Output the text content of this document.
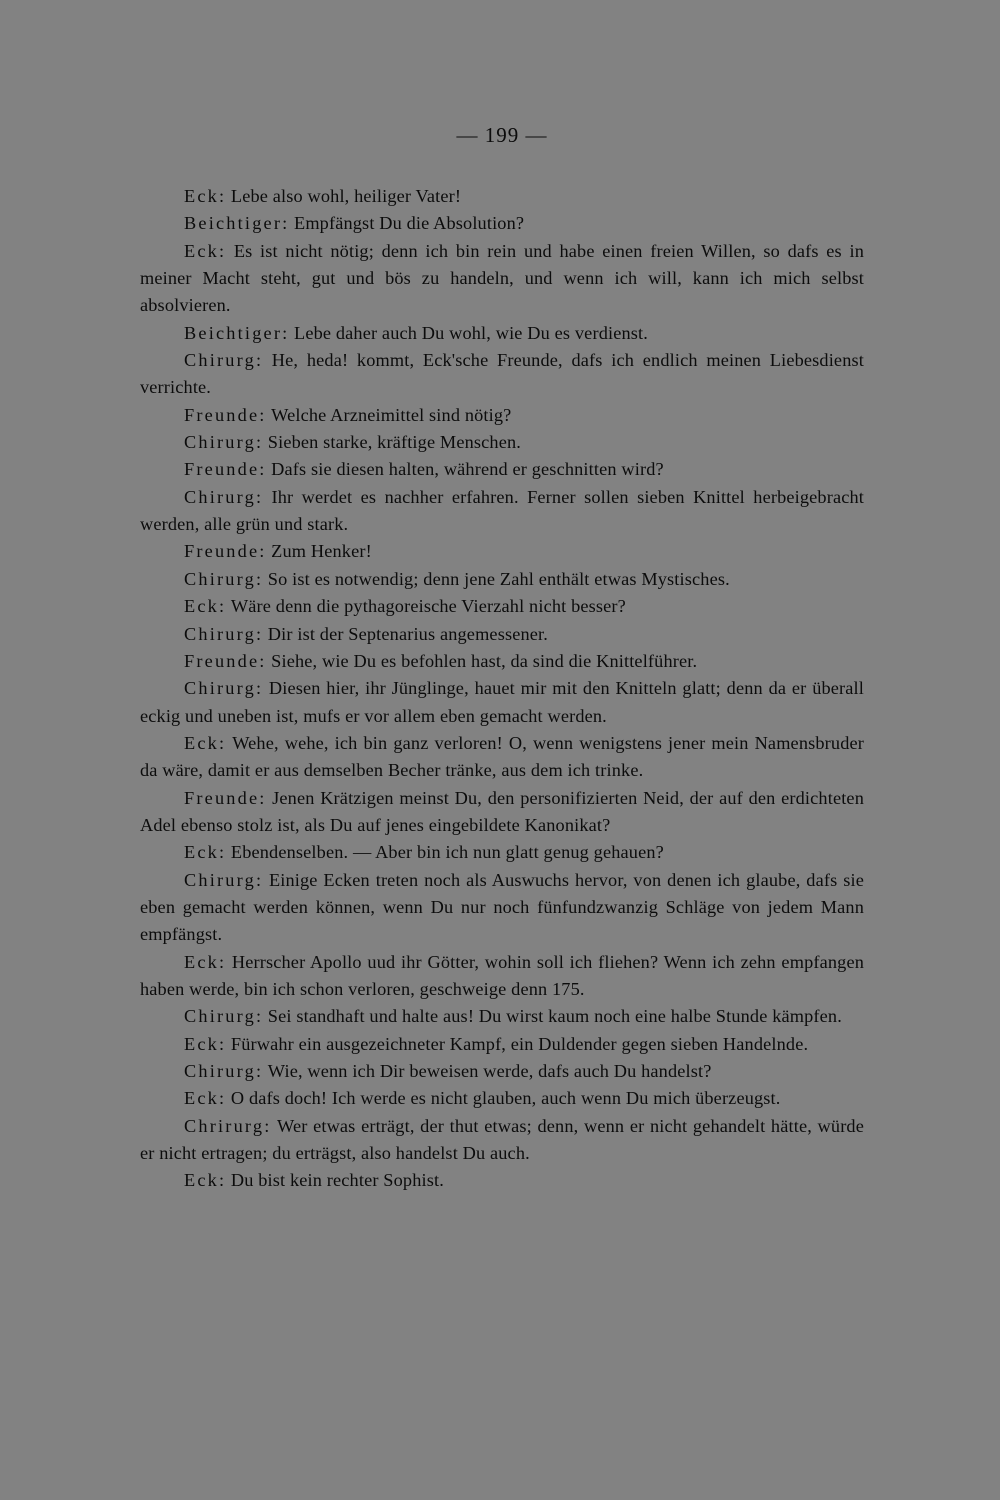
— 199 —

Eck: Lebe also wohl, heiliger Vater!

Beichtiger: Empfängst Du die Absolution?

Eck: Es ist nicht nötig; denn ich bin rein und habe einen freien Willen, so dafs es in meiner Macht steht, gut und bös zu handeln, und wenn ich will, kann ich mich selbst absolvieren.

Beichtiger: Lebe daher auch Du wohl, wie Du es verdienst.

Chirurg: He, heda! kommt, Eck'sche Freunde, dafs ich endlich meinen Liebesdienst verrichte.

Freunde: Welche Arzneimittel sind nötig?

Chirurg: Sieben starke, kräftige Menschen.

Freunde: Dafs sie diesen halten, während er geschnitten wird?

Chirurg: Ihr werdet es nachher erfahren. Ferner sollen sieben Knittel herbeigebracht werden, alle grün und stark.

Freunde: Zum Henker!

Chirurg: So ist es notwendig; denn jene Zahl enthält etwas Mystisches.

Eck: Wäre denn die pythagoreische Vierzahl nicht besser?

Chirurg: Dir ist der Septenarius angemessener.

Freunde: Siehe, wie Du es befohlen hast, da sind die Knittelführer.

Chirurg: Diesen hier, ihr Jünglinge, hauet mir mit den Knitteln glatt; denn da er überall eckig und uneben ist, mufs er vor allem eben gemacht werden.

Eck: Wehe, wehe, ich bin ganz verloren! O, wenn wenigstens jener mein Namensbruder da wäre, damit er aus demselben Becher tränke, aus dem ich trinke.

Freunde: Jenen Krätzigen meinst Du, den personifizierten Neid, der auf den erdichteten Adel ebenso stolz ist, als Du auf jenes eingebildete Kanonikat?

Eck: Ebendenselben. — Aber bin ich nun glatt genug gehauen?

Chirurg: Einige Ecken treten noch als Auswuchs hervor, von denen ich glaube, dafs sie eben gemacht werden können, wenn Du nur noch fünfundzwanzig Schläge von jedem Mann empfängst.

Eck: Herrscher Apollo uud ihr Götter, wohin soll ich fliehen? Wenn ich zehn empfangen haben werde, bin ich schon verloren, geschweige denn 175.

Chirurg: Sei standhaft und halte aus! Du wirst kaum noch eine halbe Stunde kämpfen.

Eck: Fürwahr ein ausgezeichneter Kampf, ein Duldender gegen sieben Handelnde.

Chirurg: Wie, wenn ich Dir beweisen werde, dafs auch Du handelst?

Eck: O dafs doch! Ich werde es nicht glauben, auch wenn Du mich überzeugst.

Chrirurg: Wer etwas erträgt, der thut etwas; denn, wenn er nicht gehandelt hätte, würde er nicht ertragen; du erträgst, also handelst Du auch.

Eck: Du bist kein rechter Sophist.
